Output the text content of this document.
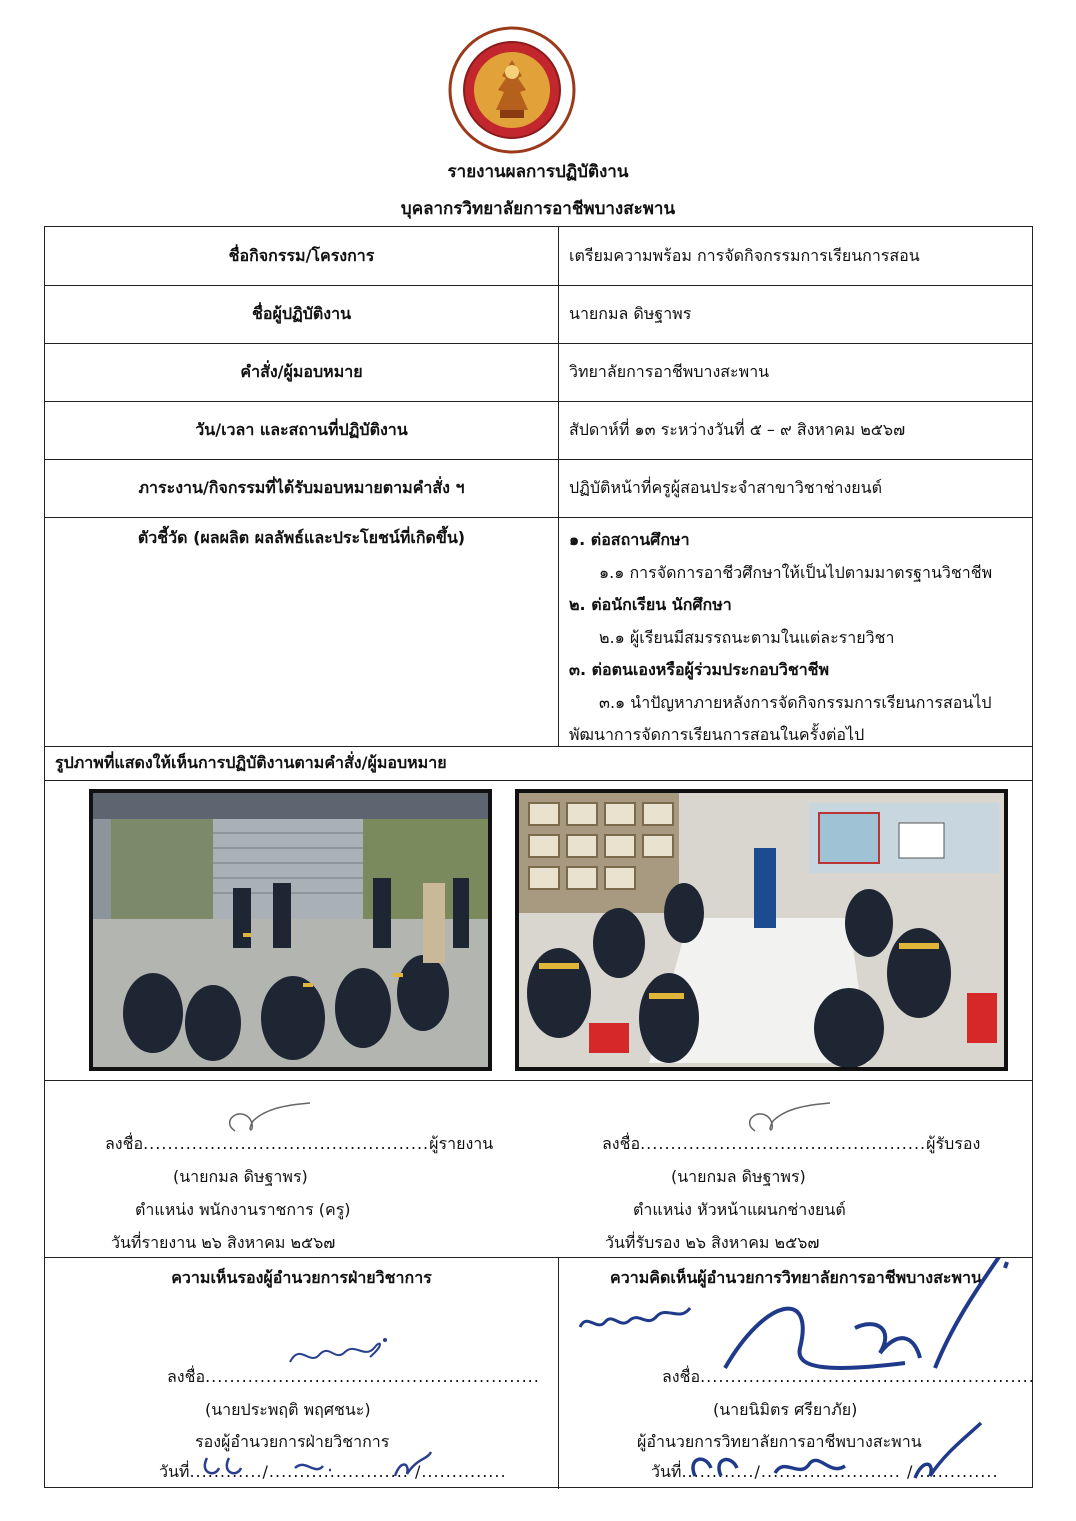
รายงานผลการปฏิบัติงาน
บุคลากรวิทยาลัยการอาชีพบางสะพาน
ชื่อกิจกรรม/โครงการ	เตรียมความพร้อม การจัดกิจกรรมการเรียนการสอน
ชื่อผู้ปฏิบัติงาน	นายกมล ดิษฐาพร
คำสั่ง/ผู้มอบหมาย	วิทยาลัยการอาชีพบางสะพาน
วัน/เวลา และสถานที่ปฏิบัติงาน	สัปดาห์ที่ ๑๓ ระหว่างวันที่ ๕ – ๙ สิงหาคม ๒๕๖๗
ภาระงาน/กิจกรรมที่ได้รับมอบหมายตามคำสั่ง ฯ	ปฏิบัติหน้าที่ครูผู้สอนประจำสาขาวิชาช่างยนต์
ตัวชี้วัด (ผลผลิต ผลลัพธ์และประโยชน์ที่เกิดขึ้น)	๑. ต่อสถานศึกษา
๑.๑ การจัดการอาชีวศึกษาให้เป็นไปตามมาตรฐานวิชาชีพ
๒. ต่อนักเรียน นักศึกษา
๒.๑ ผู้เรียนมีสมรรถนะตามในแต่ละรายวิชา
๓. ต่อตนเองหรือผู้ร่วมประกอบวิชาชีพ
๓.๑ นำปัญหาภายหลังการจัดกิจกรรมการเรียนการสอนไป
พัฒนาการจัดการเรียนการสอนในครั้งต่อไป
รูปภาพที่แสดงให้เห็นการปฏิบัติงานตามคำสั่ง/ผู้มอบหมาย
ลงชื่อ...............................................ผู้รายงาน
(นายกมล ดิษฐาพร)
ตำแหน่ง พนักงานราชการ (ครู)
วันที่รายงาน ๒๖ สิงหาคม ๒๕๖๗
ลงชื่อ...............................................ผู้รับรอง
(นายกมล ดิษฐาพร)
ตำแหน่ง หัวหน้าแผนกช่างยนต์
วันที่รับรอง ๒๖ สิงหาคม ๒๕๖๗
ความเห็นรองผู้อำนวยการฝ่ายวิชาการ
ลงชื่อ.......................................................
(นายประพฤติ พฤศชนะ)
รองผู้อำนวยการฝ่ายวิชาการ
วันที่............/....................... /..............
ความคิดเห็นผู้อำนวยการวิทยาลัยการอาชีพบางสะพาน
ลงชื่อ.......................................................
(นายนิมิตร ศรียาภัย)
ผู้อำนวยการวิทยาลัยการอาชีพบางสะพาน
วันที่............/....................... /..............
